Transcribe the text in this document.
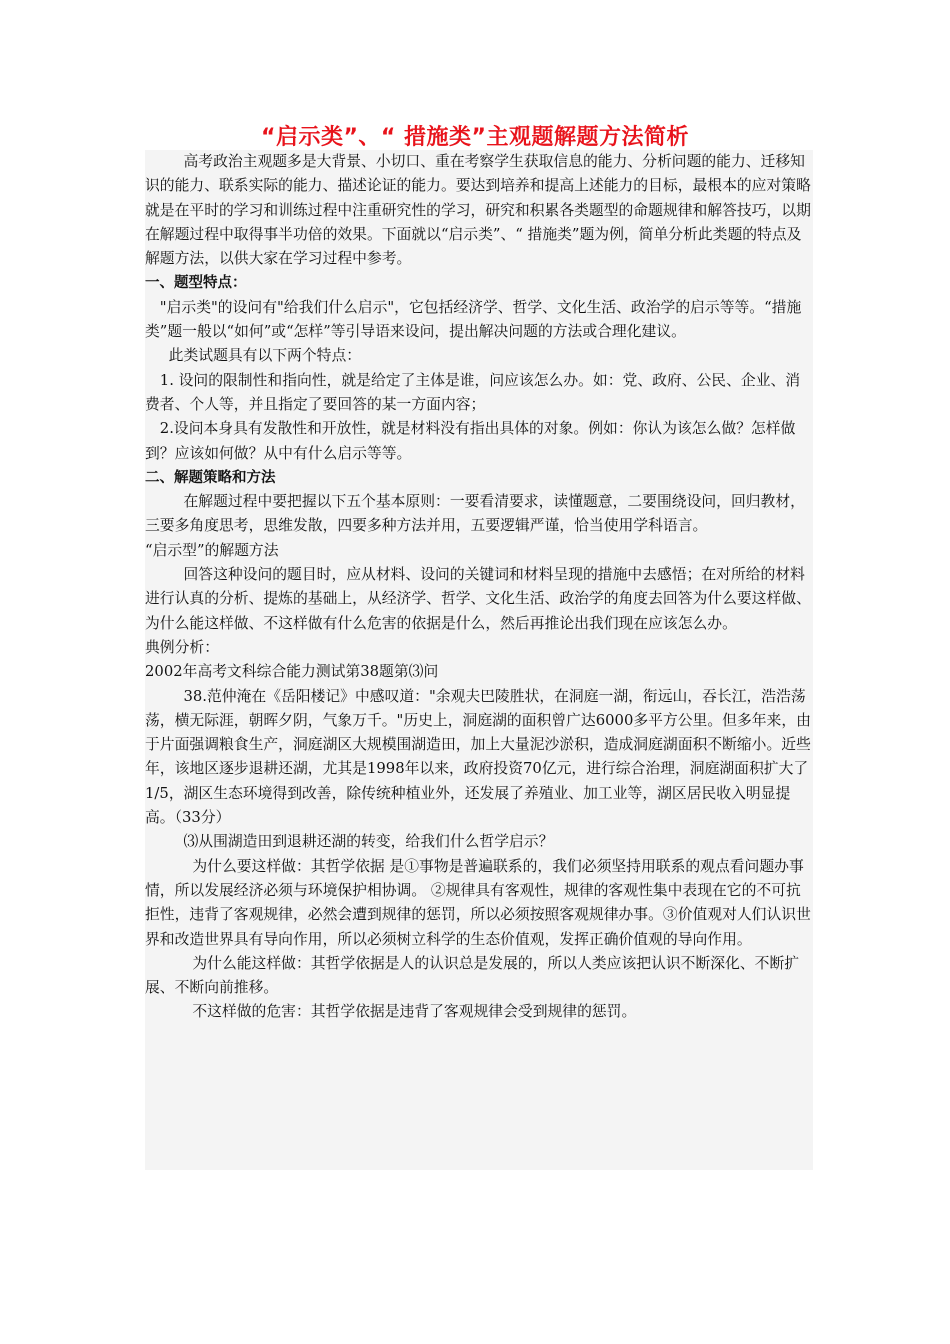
“启示类”、“ 措施类”主观题解题方法简析

高考政治主观题多是大背景、小切口、重在考察学生获取信息的能力、分析问题的能力、迁移知识的能力、联系实际的能力、描述论证的能力。要达到培养和提高上述能力的目标，最根本的应对策略就是在平时的学习和训练过程中注重研究性的学习，研究和积累各类题型的命题规律和解答技巧，以期在解题过程中取得事半功倍的效果。下面就以“启示类”、“ 措施类”题为例，简单分析此类题的特点及解题方法，以供大家在学习过程中参考。

一、题型特点：

"启示类"的设问有"给我们什么启示"，它包括经济学、哲学、文化生活、政治学的启示等等。“措施类”题一般以“如何”或“怎样”等引导语来设问，提出解决问题的方法或合理化建议。

此类试题具有以下两个特点：

1. 设问的限制性和指向性，就是给定了主体是谁，问应该怎么办。如：党、政府、公民、企业、消费者、个人等，并且指定了要回答的某一方面内容；

2.设问本身具有发散性和开放性，就是材料没有指出具体的对象。例如：你认为该怎么做？怎样做到？应该如何做？从中有什么启示等等。

二、解题策略和方法

在解题过程中要把握以下五个基本原则：一要看清要求，读懂题意，二要围绕设问，回归教材，三要多角度思考，思维发散，四要多种方法并用，五要逻辑严谨，恰当使用学科语言。

“启示型”的解题方法

回答这种设问的题目时，应从材料、设问的关键词和材料呈现的措施中去感悟；在对所给的材料进行认真的分析、提炼的基础上，从经济学、哲学、文化生活、政治学的角度去回答为什么要这样做、为什么能这样做、不这样做有什么危害的依据是什么，然后再推论出我们现在应该怎么办。

典例分析：

2002年高考文科综合能力测试第38题第⑶问

38.范仲淹在《岳阳楼记》中感叹道："余观夫巴陵胜状，在洞庭一湖，衔远山，吞长江，浩浩荡荡，横无际涯，朝晖夕阴，气象万千。"历史上，洞庭湖的面积曾广达6000多平方公里。但多年来，由于片面强调粮食生产，洞庭湖区大规模围湖造田，加上大量泥沙淤积，造成洞庭湖面积不断缩小。近些年，该地区逐步退耕还湖，尤其是1998年以来，政府投资70亿元，进行综合治理，洞庭湖面积扩大了1/5，湖区生态环境得到改善，除传统种植业外，还发展了养殖业、加工业等，湖区居民收入明显提高。（33分）

⑶从围湖造田到退耕还湖的转变，给我们什么哲学启示？

为什么要这样做：其哲学依据 是①事物是普遍联系的，我们必须坚持用联系的观点看问题办事情，所以发展经济必须与环境保护相协调。 ②规律具有客观性，规律的客观性集中表现在它的不可抗拒性，违背了客观规律，必然会遭到规律的惩罚，所以必须按照客观规律办事。③价值观对人们认识世界和改造世界具有导向作用，所以必须树立科学的生态价值观，发挥正确价值观的导向作用。

为什么能这样做：其哲学依据是人的认识总是发展的，所以人类应该把认识不断深化、不断扩展、不断向前推移。

不这样做的危害：其哲学依据是违背了客观规律会受到规律的惩罚。
